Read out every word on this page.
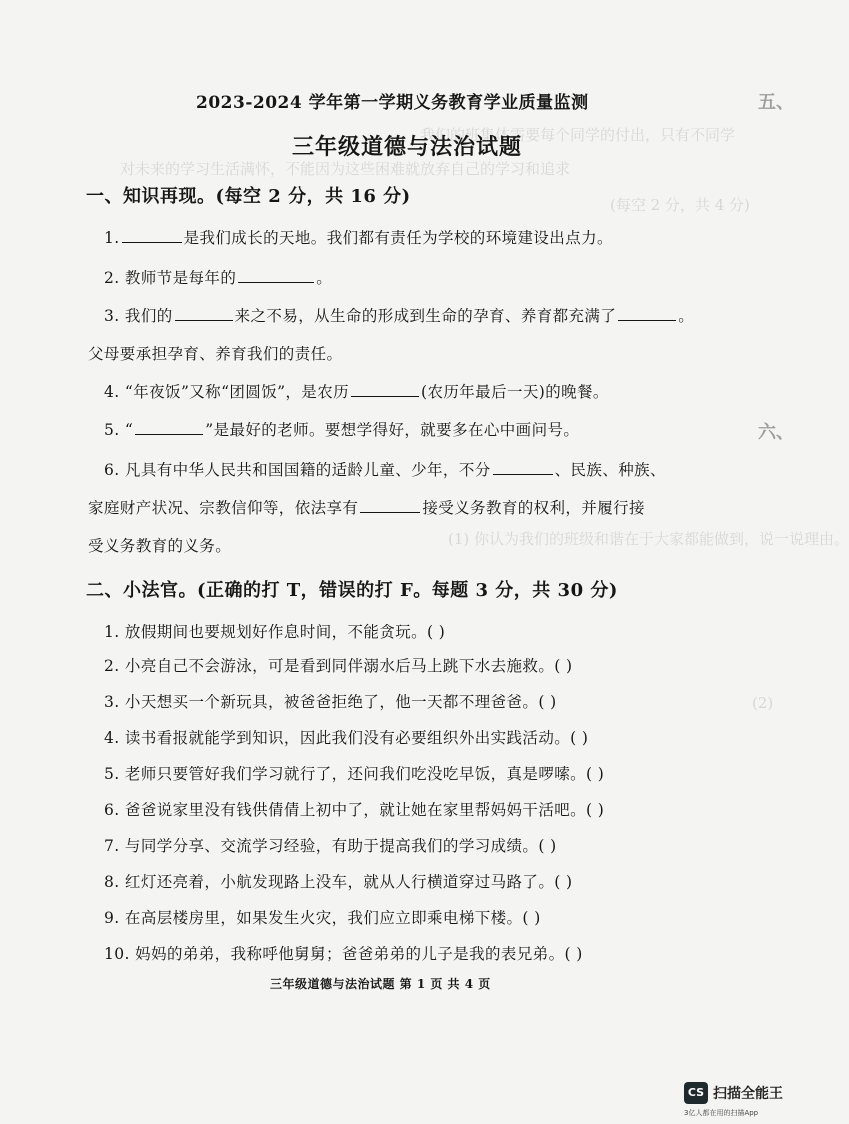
我们的班集体需要每个同学的付出，只有不同学
对未来的学习生活满怀，不能因为这些困难就放弃自己的学习和追求
(每空 2 分，共 4 分)
(1) 你认为我们的班级和谐在于大家都能做到，说一说理由。
(2)
五、
六、
2023-2024 学年第一学期义务教育学业质量监测
三年级道德与法治试题
一、知识再现。(每空 2 分，共 16 分)
1.	是我们成长的天地。我们都有责任为学校的环境建设出点力。
2. 教师节是每年的	。
3. 我们的	来之不易，从生命的形成到生命的孕育、养育都充满了	。
父母要承担孕育、养育我们的责任。
4. “年夜饭”又称“团圆饭”，是农历	(农历年最后一天)的晚餐。
5. “	”是最好的老师。要想学得好，就要多在心中画问号。
6. 凡具有中华人民共和国国籍的适龄儿童、少年，不分	、民族、种族、
家庭财产状况、宗教信仰等，依法享有	接受义务教育的权利，并履行接
受义务教育的义务。
二、小法官。(正确的打 T，错误的打 F。每题 3 分，共 30 分)
1. 放假期间也要规划好作息时间，不能贪玩。( )
2. 小亮自己不会游泳，可是看到同伴溺水后马上跳下水去施救。( )
3. 小天想买一个新玩具，被爸爸拒绝了，他一天都不理爸爸。( )
4. 读书看报就能学到知识，因此我们没有必要组织外出实践活动。( )
5. 老师只要管好我们学习就行了，还问我们吃没吃早饭，真是啰嗦。( )
6. 爸爸说家里没有钱供倩倩上初中了，就让她在家里帮妈妈干活吧。( )
7. 与同学分享、交流学习经验，有助于提高我们的学习成绩。( )
8. 红灯还亮着，小航发现路上没车，就从人行横道穿过马路了。( )
9. 在高层楼房里，如果发生火灾，我们应立即乘电梯下楼。( )
10. 妈妈的弟弟，我称呼他舅舅；爸爸弟弟的儿子是我的表兄弟。( )
三年级道德与法治试题 第 1 页 共 4 页
CS 扫描全能王
3亿人都在用的扫描App
